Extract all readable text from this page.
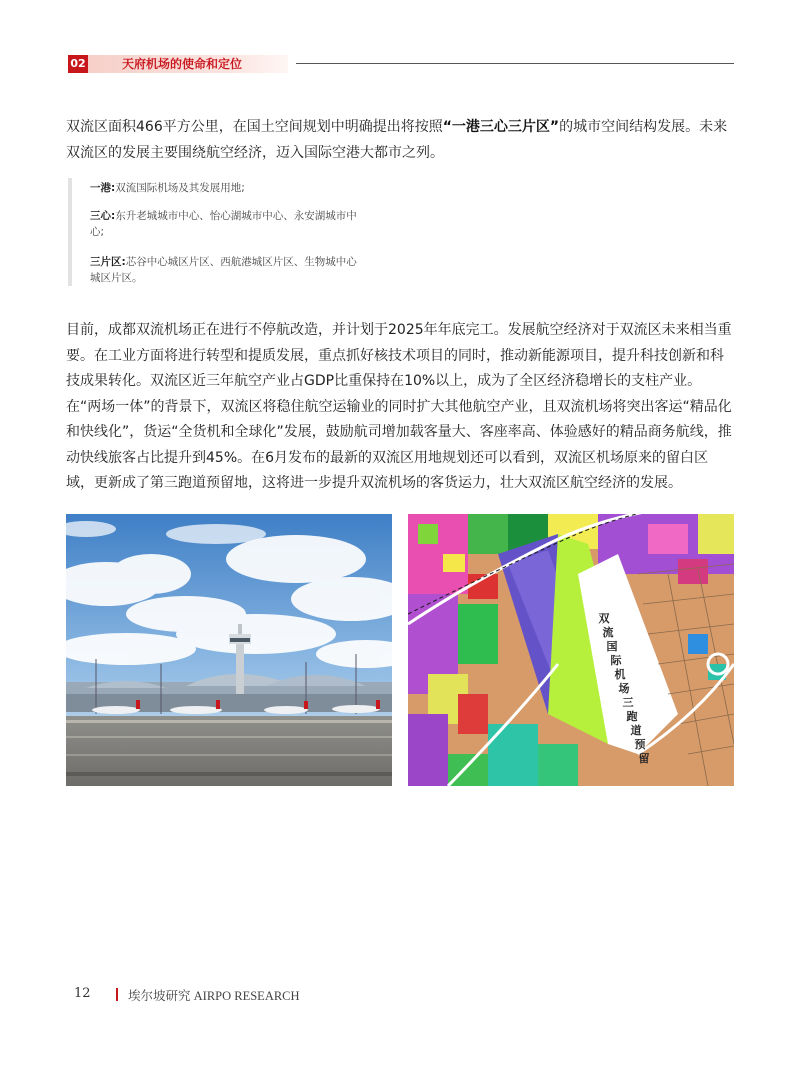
02	天府机场的使命和定位

双流区面积466平方公里，在国土空间规划中明确提出将按照“一港三心三片区”的城市空间结构发展。未来双流区的发展主要围绕航空经济，迈入国际空港大都市之列。

一港:双流国际机场及其发展用地;
三心:东升老城城市中心、怡心湖城市中心、永安湖城市中心;
三片区:芯谷中心城区片区、西航港城区片区、生物城中心城区片区。

目前，成都双流机场正在进行不停航改造，并计划于2025年年底完工。发展航空经济对于双流区未来相当重要。在工业方面将进行转型和提质发展，重点抓好核技术项目的同时，推动新能源项目，提升科技创新和科技成果转化。双流区近三年航空产业占GDP比重保持在10%以上，成为了全区经济稳增长的支柱产业。在“两场一体”的背景下，双流区将稳住航空运输业的同时扩大其他航空产业，且双流机场将突出客运“精品化和快线化”，货运“全货机和全球化”发展，鼓励航司增加载客量大、客座率高、体验感好的精品商务航线，推动快线旅客占比提升到45%。在6月发布的最新的双流区用地规划还可以看到，双流区机场原来的留白区域，更新成了第三跑道预留地，这将进一步提升双流机场的客货运力，壮大双流区航空经济的发展。

双
流
国
际
机
场
三
跑
道
预
留
12	埃尔坡研究 AIRPO RESEARCH
